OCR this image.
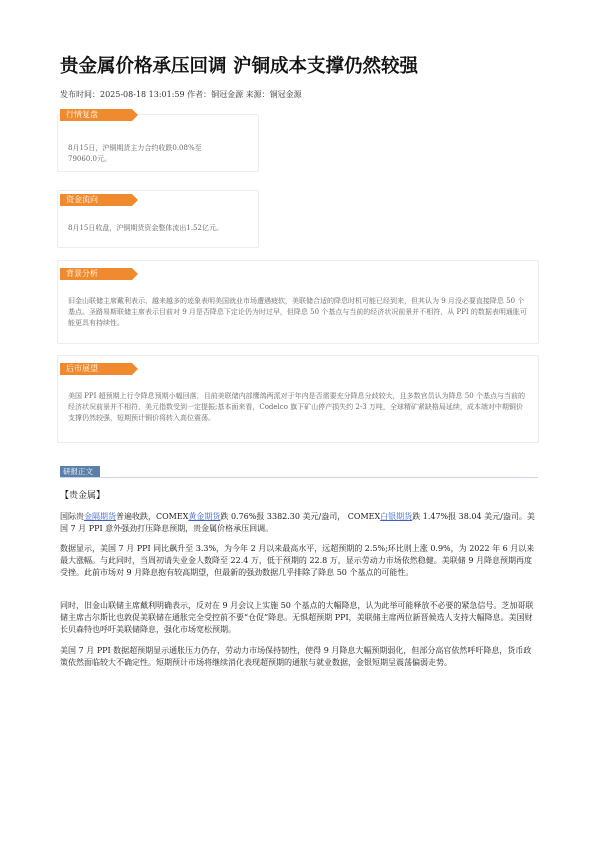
贵金属价格承压回调 沪铜成本支撑仍然较强
发布时间：2025-08-18 13:01:59 作者：铜冠金源 来源：铜冠金源
8月15日，沪铜期货主力合约收跌0.08%至79060.0元。
行情复盘
8月15日收盘，沪铜期货资金整体流出1.52亿元。
资金流向
旧金山联储主席戴利表示，越来越多的迹象表明美国就业市场遭遇疲软，美联储合适的降息时机可能已经到来，但其认为 9 月没必要直接降息 50 个基点。圣路易斯联储主席表示目前对 9 月是否降息下定论仍为时过早，但降息 50 个基点与当前的经济状况前景并不相符，从 PPI 的数据表明通胀可能更具有持续性。
背景分析
美国 PPI 超预期上行令降息预期小幅回落，目前美联储内部鹰鸽两派对于年内是否需要充分降息分歧较大，且多数官员认为降息 50 个基点与当前的经济状况前景并不相符，美元指数受到一定提振;基本面来看，Codelco 旗下矿山停产损失约 2-3 万吨，全球精矿紧缺格局延续，成本端对中期铜价支撑仍然较强，短期预计铜价将转入高位震荡。
后市展望
研报正文
【贵金属】
国际贵金隔期货普遍收跌，COMEX黄金期货跌 0.76%报 3382.30 美元/盎司， COMEX白银期货跌 1.47%报 38.04 美元/盎司。美国 7 月 PPI 意外强劲打压降息预期，贵金属价格承压回调。
数据显示，美国 7 月 PPI 同比飙升至 3.3%，为今年 2 月以来最高水平，远超预期的 2.5%;环比则上涨 0.9%，为 2022 年 6 月以来最大涨幅。与此同时，当周初请失业金人数降至 22.4 万，低于预期的 22.8 万，显示劳动力市场依然稳健。美联储 9 月降息预期再度受挫。此前市场对 9 月降息抱有较高期望，但最新的强劲数据几乎排除了降息 50 个基点的可能性。
同时，旧金山联储主席戴利明确表示，反对在 9 月会议上实施 50 个基点的大幅降息，认为此举可能释放不必要的紧急信号。芝加哥联储主席古尔斯比也敦促美联储在通胀完全受控前不要“仓促”降息。无惧超预期 PPI，美联储主席两位新晋候选人支持大幅降息。美国财长贝森特也呼吁美联储降息，强化市场宽松预期。
美国 7 月 PPI 数据超预期显示通胀压力仍存，劳动力市场保持韧性，使得 9 月降息大幅预期弱化，但部分高官依然呼吁降息，货币政策依然面临较大不确定性。短期预计市场将继续消化表现超预期的通胀与就业数据，金银短期呈震荡偏弱走势。
